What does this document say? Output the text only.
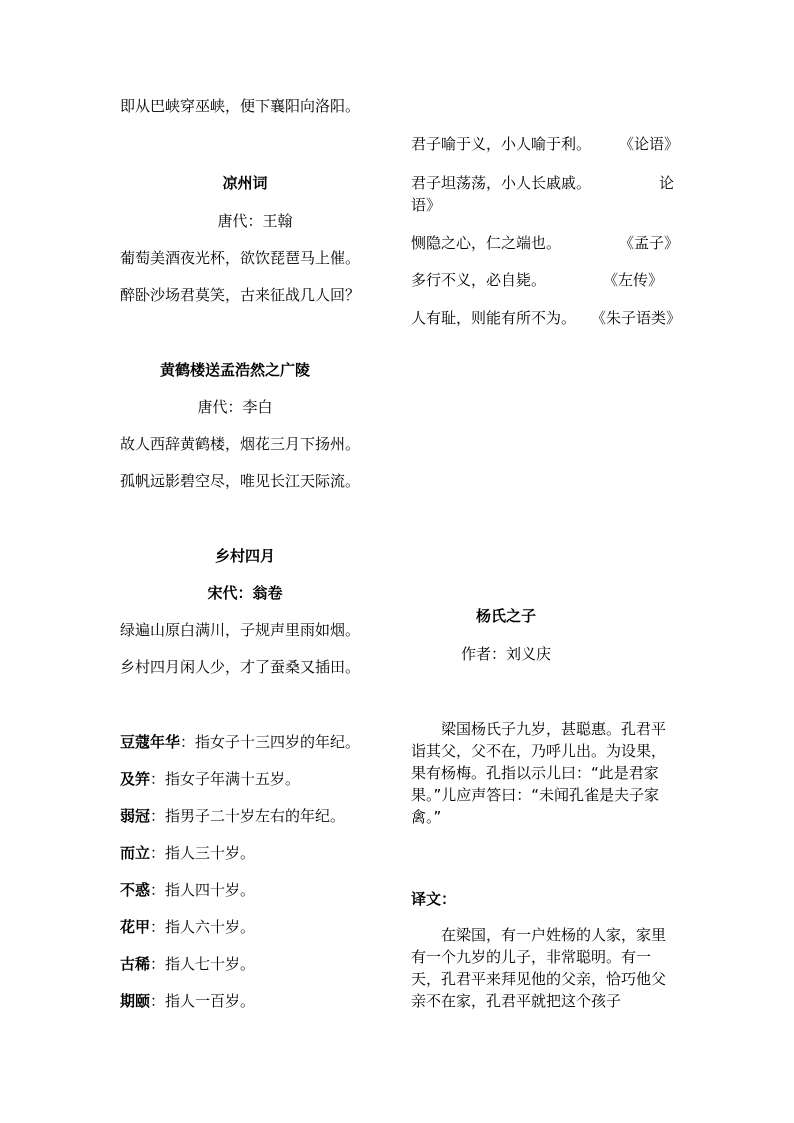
即从巴峡穿巫峡，便下襄阳向洛阳。
凉州词
唐代：王翰
葡萄美酒夜光杯，欲饮琵琶马上催。
醉卧沙场君莫笑，古来征战几人回？
黄鹤楼送孟浩然之广陵
唐代：李白
故人西辞黄鹤楼，烟花三月下扬州。
孤帆远影碧空尽，唯见长江天际流。
乡村四月
宋代：翁卷
绿遍山原白满川，子规声里雨如烟。
乡村四月闲人少，才了蚕桑又插田。
豆蔻年华：指女子十三四岁的年纪。
及笄：指女子年满十五岁。
弱冠：指男子二十岁左右的年纪。
而立：指人三十岁。
不惑：指人四十岁。
花甲：指人六十岁。
古稀：指人七十岁。
期颐：指人一百岁。
君子喻于义，小人喻于利。 《论语》
君子坦荡荡，小人长戚戚。	论
语》
恻隐之心，仁之端也。	《孟子》
多行不义，必自毙。	《左传》
人有耻，则能有所不为。 《朱子语类》
杨氏之子
作者：刘义庆
梁国杨氏子九岁，甚聪惠。孔君平诣其父，父不在，乃呼儿出。为设果，果有杨梅。孔指以示儿曰：“此是君家果。”儿应声答曰：“未闻孔雀是夫子家禽。”
译文：
在梁国，有一户姓杨的人家，家里有一个九岁的儿子，非常聪明。有一天，孔君平来拜见他的父亲，恰巧他父亲不在家，孔君平就把这个孩子
